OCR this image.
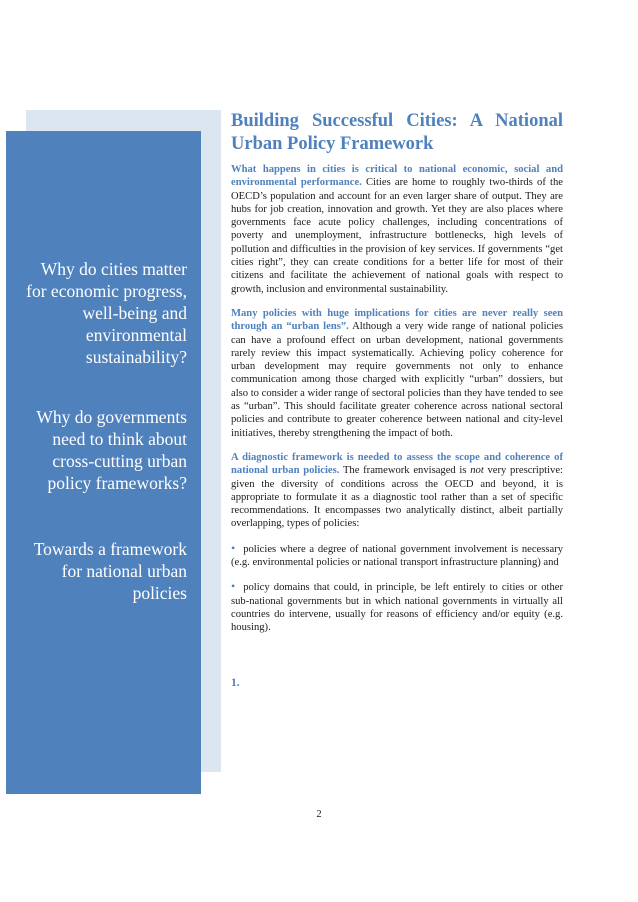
Why do cities matter for economic progress, well-being and environmental sustainability?
Why do governments need to think about cross-cutting urban policy frameworks?
Towards a framework for national urban policies
Building Successful Cities: A National Urban Policy Framework

What happens in cities is critical to national economic, social and environmental performance. Cities are home to roughly two-thirds of the OECD’s population and account for an even larger share of output. They are hubs for job creation, innovation and growth. Yet they are also places where governments face acute policy challenges, including concentrations of poverty and unemployment, infrastructure bottlenecks, high levels of pollution and difficulties in the provision of key services. If governments “get cities right”, they can create conditions for a better life for most of their citizens and facilitate the achievement of national goals with respect to growth, inclusion and environmental sustainability.

Many policies with huge implications for cities are never really seen through an “urban lens”. Although a very wide range of national policies can have a profound effect on urban development, national governments rarely review this impact systematically. Achieving policy coherence for urban development may require governments not only to enhance communication among those charged with explicitly “urban” dossiers, but also to consider a wider range of sectoral policies than they have tended to see as “urban”. This should facilitate greater coherence across national sectoral policies and contribute to greater coherence between national and city-level initiatives, thereby strengthening the impact of both.

A diagnostic framework is needed to assess the scope and coherence of national urban policies. The framework envisaged is not very prescriptive: given the diversity of conditions across the OECD and beyond, it is appropriate to formulate it as a diagnostic tool rather than a set of specific recommendations. It encompasses two analytically distinct, albeit partially overlapping, types of policies:

• policies where a degree of national government involvement is necessary (e.g. environmental policies or national transport infrastructure planning) and

• policy domains that could, in principle, be left entirely to cities or other sub-national governments but in which national governments in virtually all countries do intervene, usually for reasons of efficiency and/or equity (e.g. housing).

1.
2
